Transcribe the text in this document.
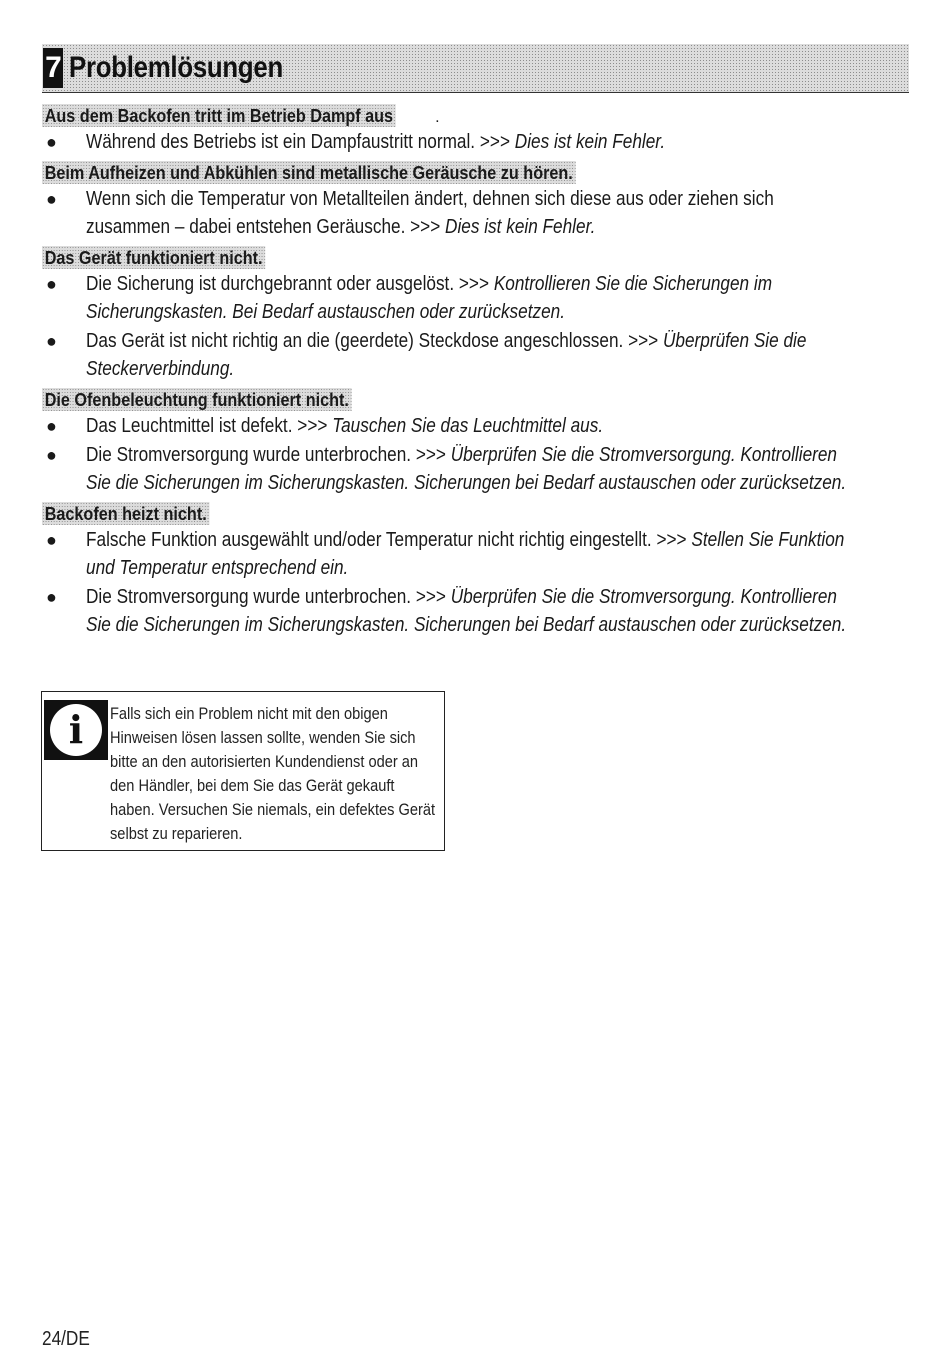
7 Problemlösungen
Aus dem Backofen tritt im Betrieb Dampf aus	.
● Während des Betriebs ist ein Dampfaustritt normal. >>> Dies ist kein Fehler.
Beim Aufheizen und Abkühlen sind metallische Geräusche zu hören.
● Wenn sich die Temperatur von Metallteilen ändert, dehnen sich diese aus oder ziehen sich zusammen – dabei entstehen Geräusche. >>> Dies ist kein Fehler.
Das Gerät funktioniert nicht.
● Die Sicherung ist durchgebrannt oder ausgelöst. >>> Kontrollieren Sie die Sicherungen im Sicherungskasten. Bei Bedarf austauschen oder zurücksetzen.
● Das Gerät ist nicht richtig an die (geerdete) Steckdose angeschlossen. >>> Überprüfen Sie die Steckerverbindung.
Die Ofenbeleuchtung funktioniert nicht.
● Das Leuchtmittel ist defekt. >>> Tauschen Sie das Leuchtmittel aus.
● Die Stromversorgung wurde unterbrochen. >>> Überprüfen Sie die Stromversorgung. Kontrollieren Sie die Sicherungen im Sicherungskasten. Sicherungen bei Bedarf austauschen oder zurücksetzen.
Backofen heizt nicht.
● Falsche Funktion ausgewählt und/oder Temperatur nicht richtig eingestellt. >>> Stellen Sie Funktion und Temperatur entsprechend ein.
● Die Stromversorgung wurde unterbrochen. >>> Überprüfen Sie die Stromversorgung. Kontrollieren Sie die Sicherungen im Sicherungskasten. Sicherungen bei Bedarf austauschen oder zurücksetzen.
i	Falls sich ein Problem nicht mit den obigen Hinweisen lösen lassen sollte, wenden Sie sich bitte an den autorisierten Kundendienst oder an den Händler, bei dem Sie das Gerät gekauft haben. Versuchen Sie niemals, ein defektes Gerät selbst zu reparieren.
24/DE
